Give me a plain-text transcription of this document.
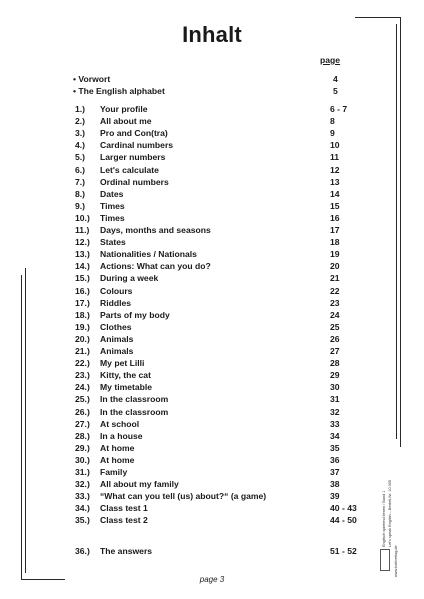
Inhalt
page
• Vorwort	4
• The English alphabet	5
1.) Your profile	6 - 7
2.) All about me	8
3.) Pro and Con(tra)	9
4.) Cardinal numbers	10
5.) Larger numbers	11
6.) Let's calculate	12
7.) Ordinal numbers	13
8.) Dates	14
9.) Times	15
10.) Times	16
11.) Days, months and seasons	17
12.) States	18
13.) Nationalities / Nationals	19
14.) Actions: What can you do?	20
15.) During a week	21
16.) Colours	22
17.) Riddles	23
18.) Parts of my body	24
19.) Clothes	25
20.) Animals	26
21.) Animals	27
22.) My pet Lilli	28
23.) Kitty, the cat	29
24.) My timetable	30
25.) In the classroom	31
26.) In the classroom	32
27.) At school	33
28.) In a house	34
29.) At home	35
30.) At home	36
31.) Family	37
32.) All about my family	38
33.) “What can you tell (us) about?“ (a game)	39
34.) Class test 1	40 - 43
35.) Class test 2	44 - 50
36.) The answers	51 - 52
page 3
Englisch spielend lernen / Band 1 Let's speak English – Bestell-Nr. 10 305
www.kohlverlag.de
